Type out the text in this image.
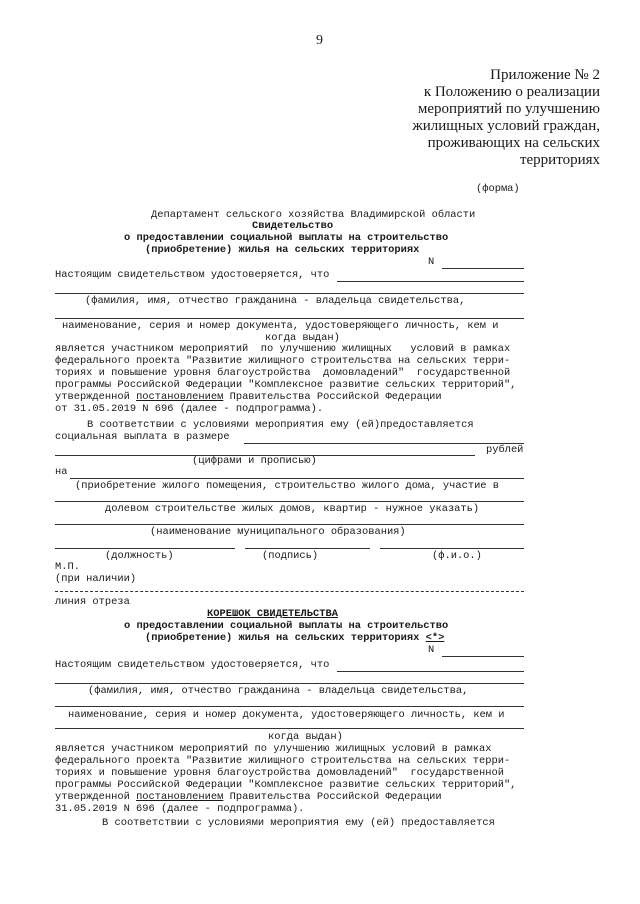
9
Приложение № 2
к Положению о реализации
мероприятий по улучшению
жилищных условий граждан,
проживающих на сельских
территориях
(форма)
Департамент сельского хозяйства Владимирской области
Свидетельство
о предоставлении социальной выплаты на строительство
(приобретение) жилья на сельских территориях
N
Настоящим свидетельством удостоверяется, что
(фамилия, имя, отчество гражданина - владельца свидетельства,
наименование, серия и номер документа, удостоверяющего личность, кем и
когда выдан)
является участником мероприятий  по улучшению жилищных   условий в рамках
федерального проекта "Развитие жилищного строительства на сельских терри-
ториях и повышение уровня благоустройства  домовладений"  государственной
программы Российской Федерации "Комплексное развитие сельских территорий",
утвержденной постановлением Правительства Российской Федерации
от 31.05.2019 N 696 (далее - подпрограмма).
В соответствии с условиями мероприятия ему (ей)предоставляется
социальная выплата в размере
рублей
(цифрами и прописью)
на
(приобретение жилого помещения, строительство жилого дома, участие в
долевом строительстве жилых домов, квартир - нужное указать)
(наименование муниципального образования)
(должность)	(подпись)	(ф.и.о.)
М.П.
(при наличии)
линия отреза
КОРЕШОК СВИДЕТЕЛЬСТВА
о предоставлении социальной выплаты на строительство
(приобретение) жилья на сельских территориях <*>
N
Настоящим свидетельством удостоверяется, что
(фамилия, имя, отчество гражданина - владельца свидетельства,
наименование, серия и номер документа, удостоверяющего личность, кем и
когда выдан)
является участником мероприятий по улучшению жилищных условий в рамках
федерального проекта "Развитие жилищного строительства на сельских терри-
ториях и повышение уровня благоустройства домовладений"  государственной
программы Российской Федерации "Комплексное развитие сельских территорий",
утвержденной постановлением Правительства Российской Федерации
31.05.2019 N 696 (далее - подпрограмма).
В соответствии с условиями мероприятия ему (ей) предоставляется
